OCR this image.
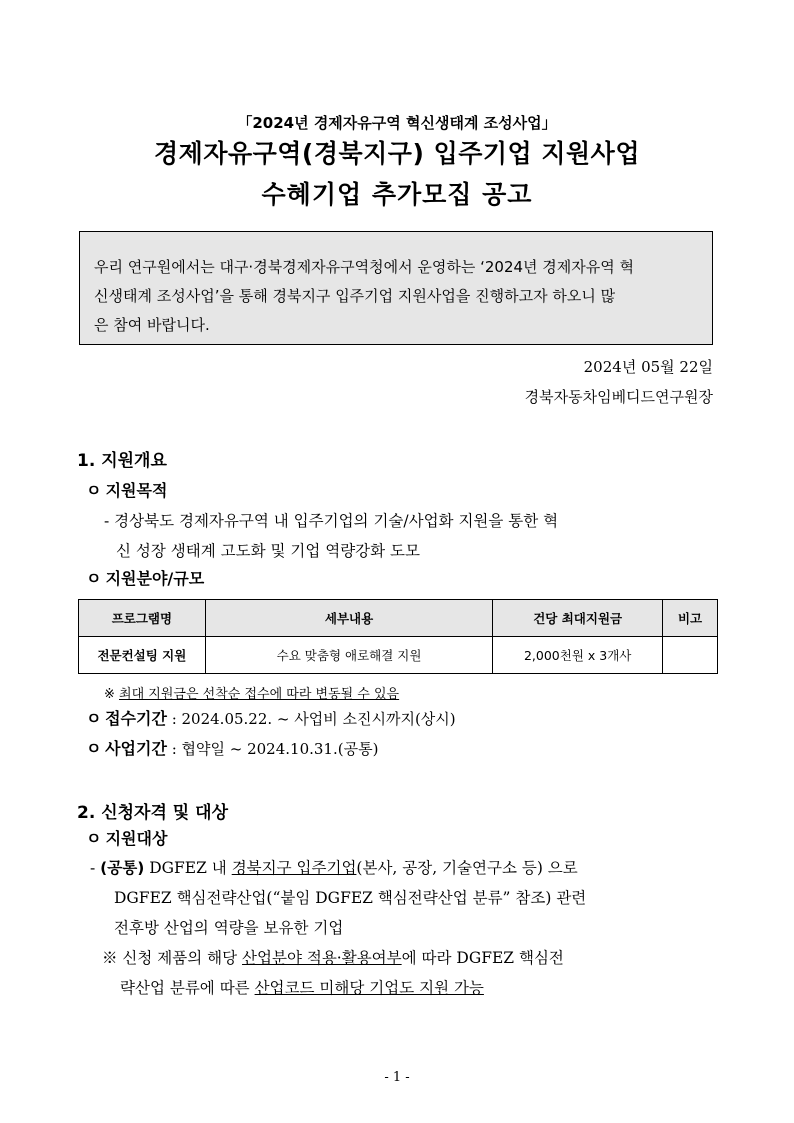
「2024년 경제자유구역 혁신생태계 조성사업」
경제자유구역(경북지구) 입주기업 지원사업
수혜기업 추가모집 공고
우리 연구원에서는 대구·경북경제자유구역청에서 운영하는 ‘2024년 경제자유역 혁
신생태계 조성사업’을 통해 경북지구 입주기업 지원사업을 진행하고자 하오니 많
은 참여 바랍니다.
2024년 05월 22일
경북자동차임베디드연구원장
1. 지원개요
ㅇ 지원목적
- 경상북도 경제자유구역 내 입주기업의 기술/사업화 지원을 통한 혁
신 성장 생태계 고도화 및 기업 역량강화 도모
ㅇ 지원분야/규모
프로그램명	세부내용	건당 최대지원금	비고
전문컨설팅 지원	수요 맞춤형 애로해결 지원	2,000천원 x 3개사	
※ 최대 지원금은 선착순 접수에 따라 변동될 수 있음
ㅇ 접수기간 : 2024.05.22. ~ 사업비 소진시까지(상시)
ㅇ 사업기간 : 협약일 ~ 2024.10.31.(공통)
2. 신청자격 및 대상
ㅇ 지원대상
- (공통) DGFEZ 내 경북지구 입주기업(본사, 공장, 기술연구소 등) 으로
DGFEZ 핵심전략산업(“붙임 DGFEZ 핵심전략산업 분류” 참조) 관련
전후방 산업의 역량을 보유한 기업
※ 신청 제품의 해당 산업분야 적용·활용여부에 따라 DGFEZ 핵심전
략산업 분류에 따른 산업코드 미해당 기업도 지원 가능
- 1 -
